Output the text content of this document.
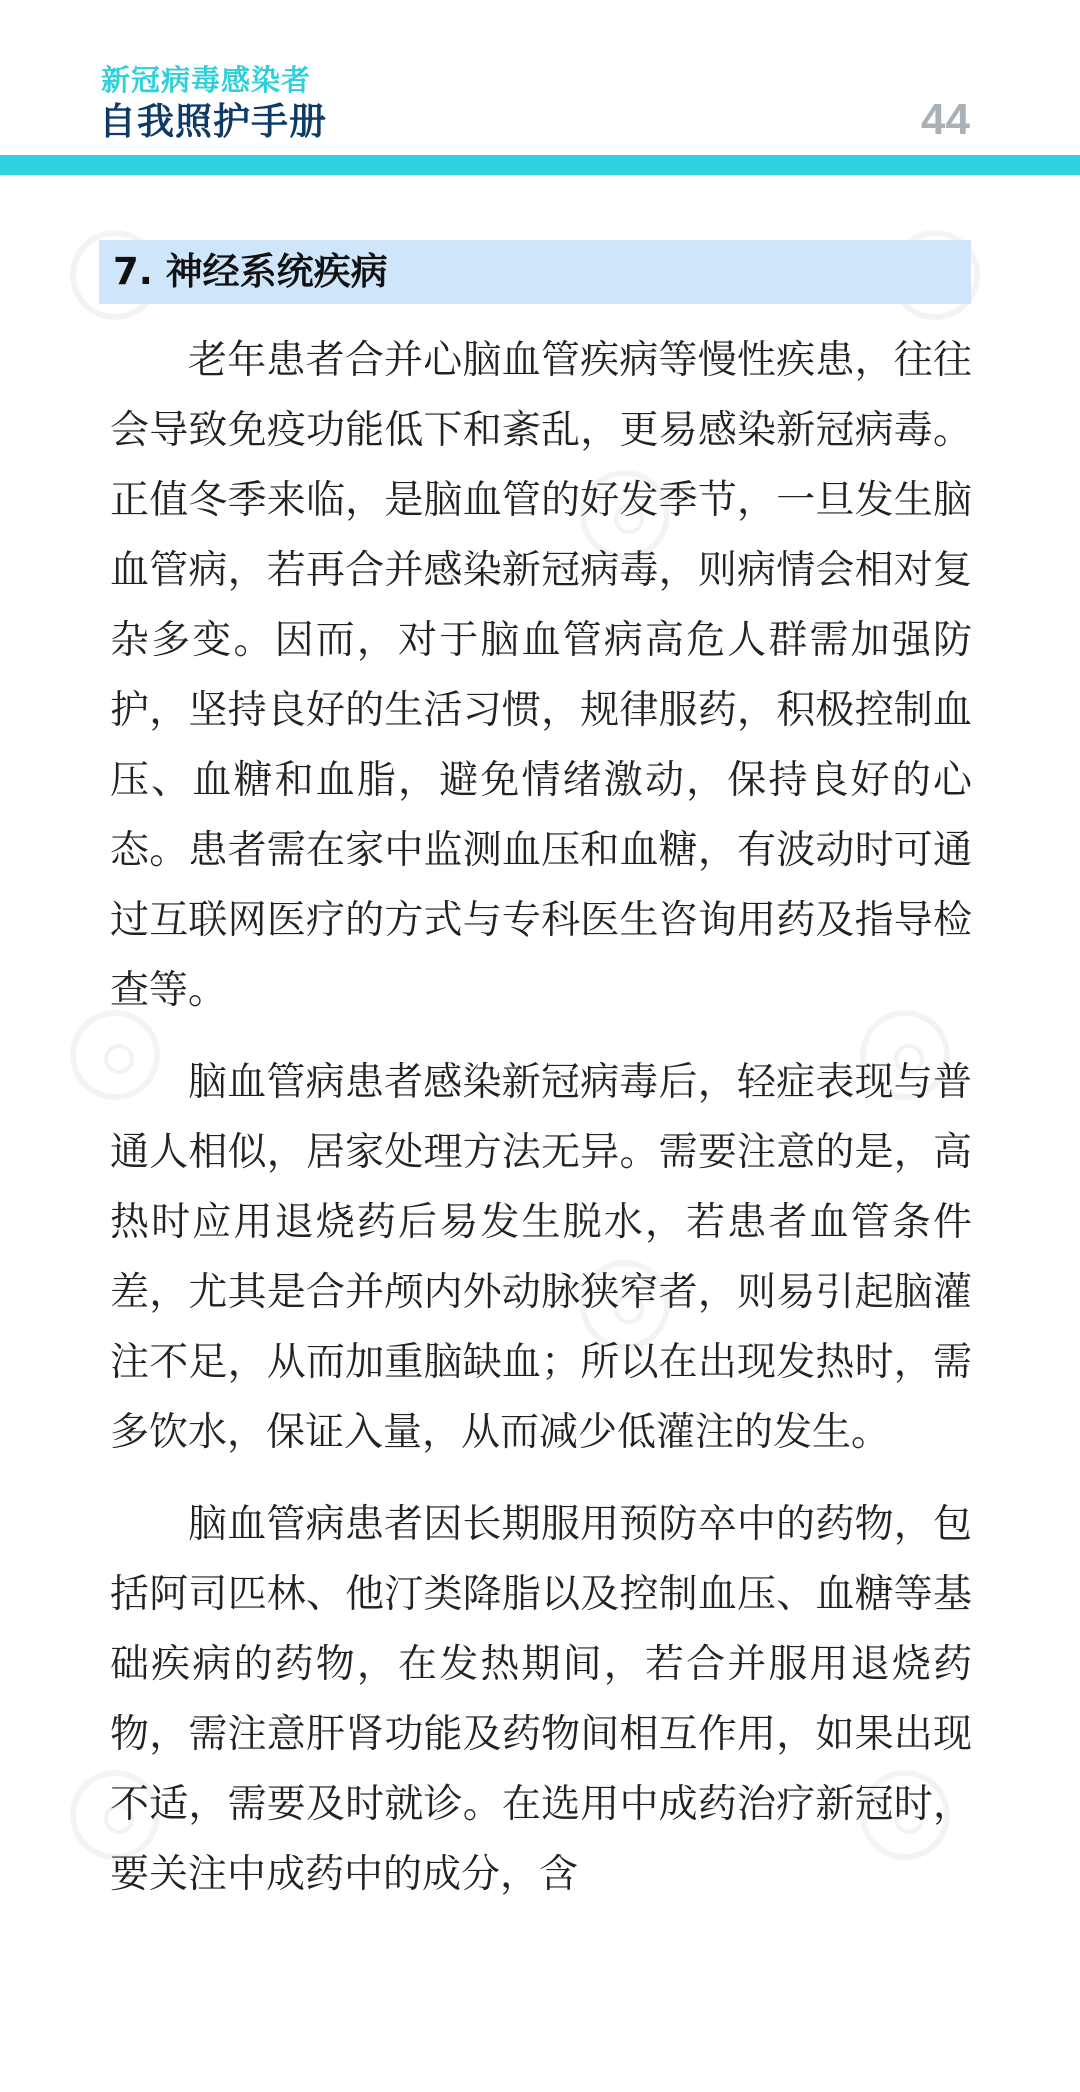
新冠病毒感染者
自我照护手册	44
7. 神经系统疾病

老年患者合并心脑血管疾病等慢性疾患，往往会导致免疫功能低下和紊乱，更易感染新冠病毒。正值冬季来临，是脑血管的好发季节，一旦发生脑血管病，若再合并感染新冠病毒，则病情会相对复杂多变。因而，对于脑血管病高危人群需加强防护，坚持良好的生活习惯，规律服药，积极控制血压、血糖和血脂，避免情绪激动，保持良好的心态。患者需在家中监测血压和血糖，有波动时可通过互联网医疗的方式与专科医生咨询用药及指导检查等。

脑血管病患者感染新冠病毒后，轻症表现与普通人相似，居家处理方法无异。需要注意的是，高热时应用退烧药后易发生脱水，若患者血管条件差，尤其是合并颅内外动脉狭窄者，则易引起脑灌注不足，从而加重脑缺血；所以在出现发热时，需多饮水，保证入量，从而减少低灌注的发生。

脑血管病患者因长期服用预防卒中的药物，包括阿司匹林、他汀类降脂以及控制血压、血糖等基础疾病的药物，在发热期间，若合并服用退烧药物，需注意肝肾功能及药物间相互作用，如果出现不适，需要及时就诊。在选用中成药治疗新冠时，要关注中成药中的成分，含
